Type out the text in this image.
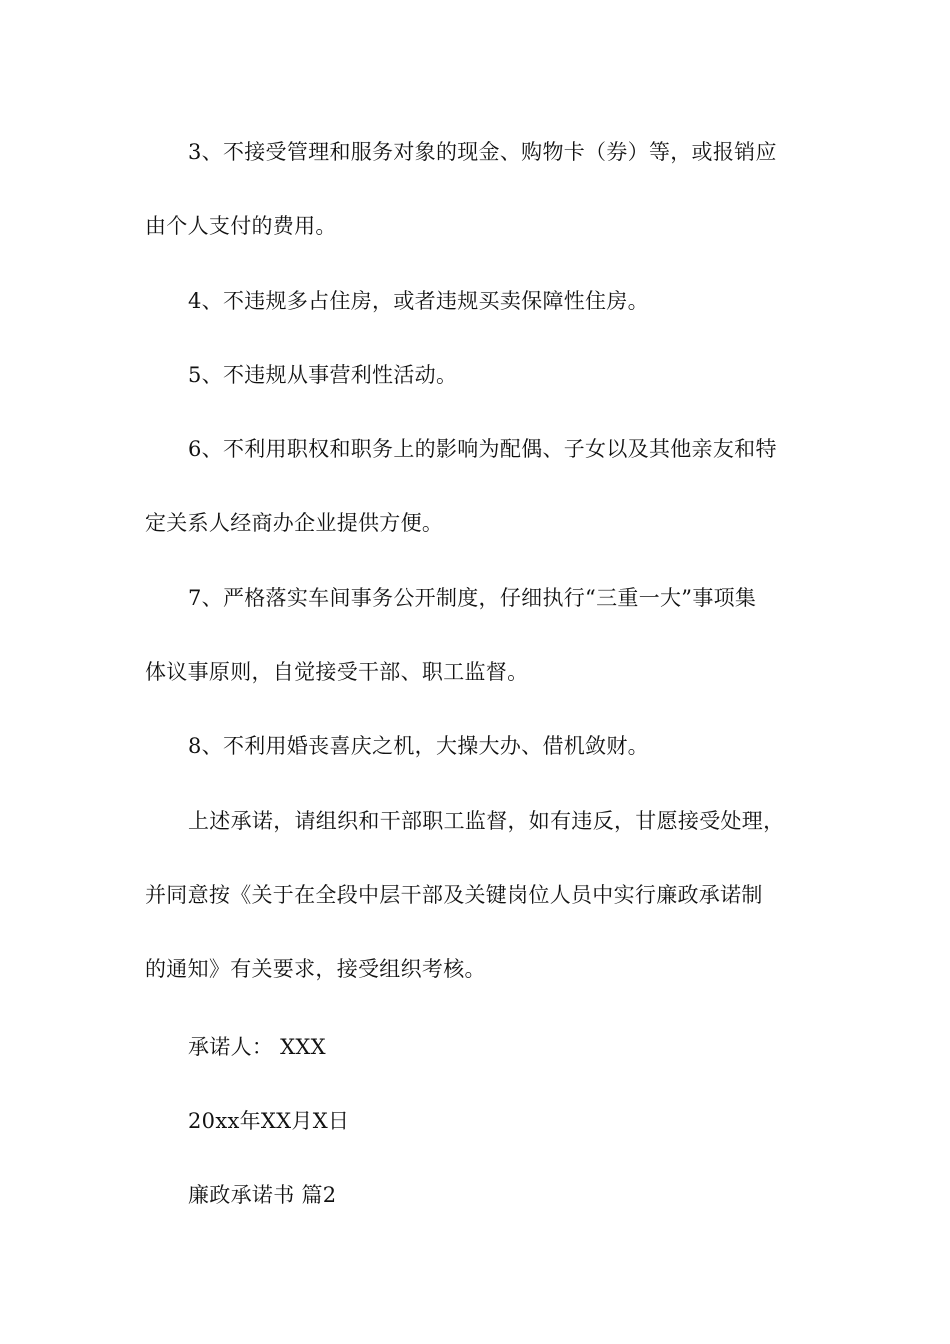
3、不接受管理和服务对象的现金、购物卡（券）等，或报销应
由个人支付的费用。
4、不违规多占住房，或者违规买卖保障性住房。
5、不违规从事营利性活动。
6、不利用职权和职务上的影响为配偶、子女以及其他亲友和特
定关系人经商办企业提供方便。
7、严格落实车间事务公开制度，仔细执行“三重一大”事项集
体议事原则，自觉接受干部、职工监督。
8、不利用婚丧喜庆之机，大操大办、借机敛财。
上述承诺，请组织和干部职工监督，如有违反，甘愿接受处理，
并同意按《关于在全段中层干部及关键岗位人员中实行廉政承诺制
的通知》有关要求，接受组织考核。
承诺人： XXX
20xx年XX月X日
廉政承诺书 篇2
